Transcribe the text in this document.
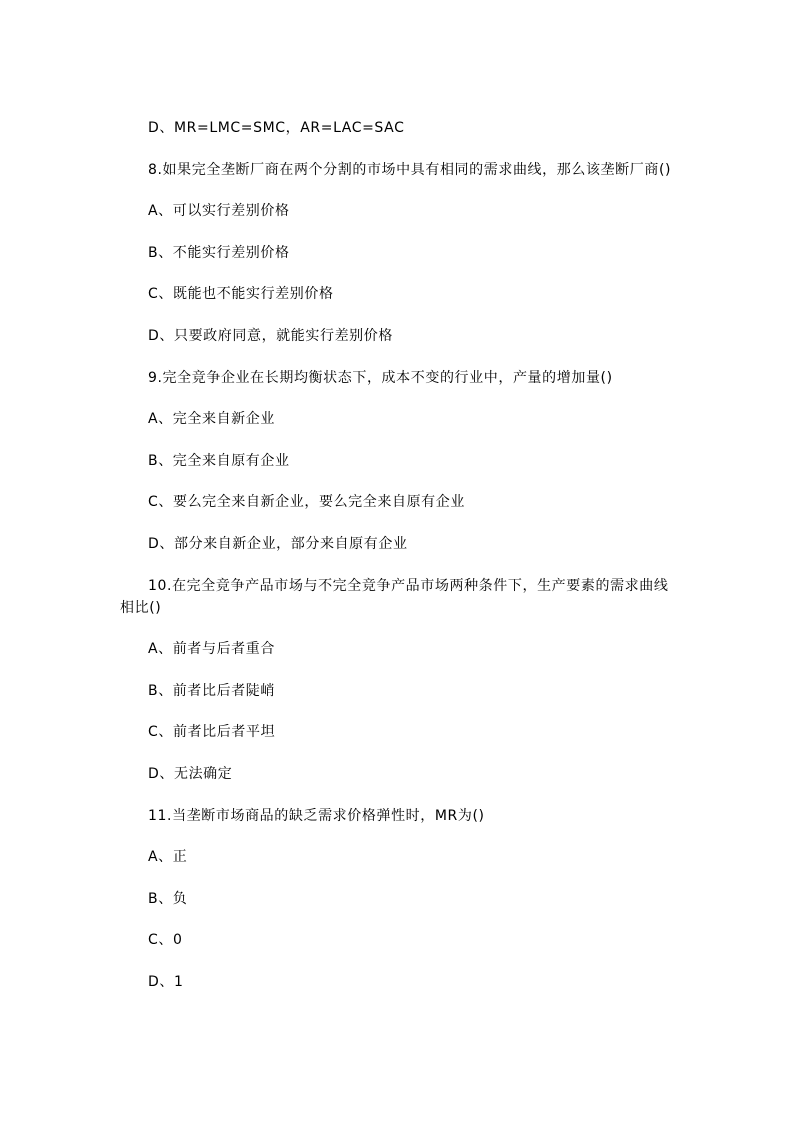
D、MR=LMC=SMC，AR=LAC=SAC

8.如果完全垄断厂商在两个分割的市场中具有相同的需求曲线，那么该垄断厂商()

A、可以实行差别价格

B、不能实行差别价格

C、既能也不能实行差别价格

D、只要政府同意，就能实行差别价格

9.完全竞争企业在长期均衡状态下，成本不变的行业中，产量的增加量()

A、完全来自新企业

B、完全来自原有企业

C、要么完全来自新企业，要么完全来自原有企业

D、部分来自新企业，部分来自原有企业

10.在完全竞争产品市场与不完全竞争产品市场两种条件下，生产要素的需求曲线相比()

A、前者与后者重合

B、前者比后者陡峭

C、前者比后者平坦

D、无法确定

11.当垄断市场商品的缺乏需求价格弹性时，MR为()

A、正

B、负

C、0

D、1
